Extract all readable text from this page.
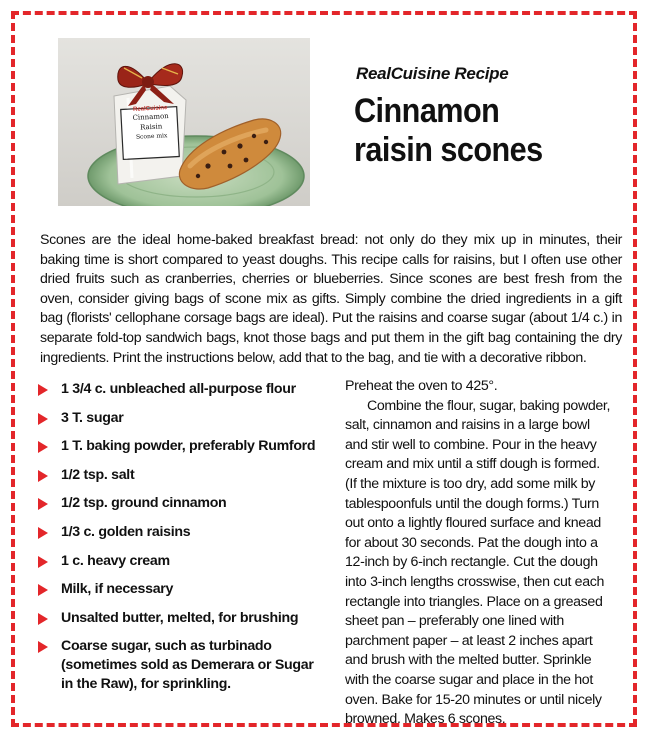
RealCuisine
Cinnamon
Raisin
Scone mix
RealCuisine Recipe
Cinnamon
raisin scones
Scones are the ideal home-baked breakfast bread: not only do they mix up in minutes, their baking time is short compared to yeast doughs. This recipe calls for raisins, but I often use other dried fruits such as cranberries, cherries or blueberries. Since scones are best fresh from the oven, consider giving bags of scone mix as gifts. Simply combine the dried ingredients in a gift bag (florists' cellophane corsage bags are ideal). Put the raisins and coarse sugar (about 1/4 c.) in separate fold-top sandwich bags, knot those bags and put them in the gift bag containing the dry ingredients. Print the instructions below, add that to the bag, and tie with a decorative ribbon.
1 3/4 c. unbleached all-purpose flour
3 T. sugar
1 T. baking powder, preferably Rumford
1/2 tsp. salt
1/2 tsp. ground cinnamon
1/3 c. golden raisins
1 c. heavy cream
Milk, if necessary
Unsalted butter, melted, for brushing
Coarse sugar, such as turbinado (sometimes sold as Demerara or Sugar in the Raw), for sprinkling.

Preheat the oven to 425°.

Combine the flour, sugar, baking powder, salt, cinnamon and raisins in a large bowl and stir well to combine. Pour in the heavy cream and mix until a stiff dough is formed. (If the mixture is too dry, add some milk by tablespoonfuls until the dough forms.) Turn out onto a lightly floured surface and knead for about 30 seconds. Pat the dough into a 12-inch by 6-inch rectangle. Cut the dough into 3-inch lengths crosswise, then cut each rectangle into triangles. Place on a greased sheet pan – preferably one lined with parchment paper – at least 2 inches apart and brush with the melted butter. Sprinkle with the coarse sugar and place in the hot oven. Bake for 15-20 minutes or until nicely browned. Makes 6 scones.
